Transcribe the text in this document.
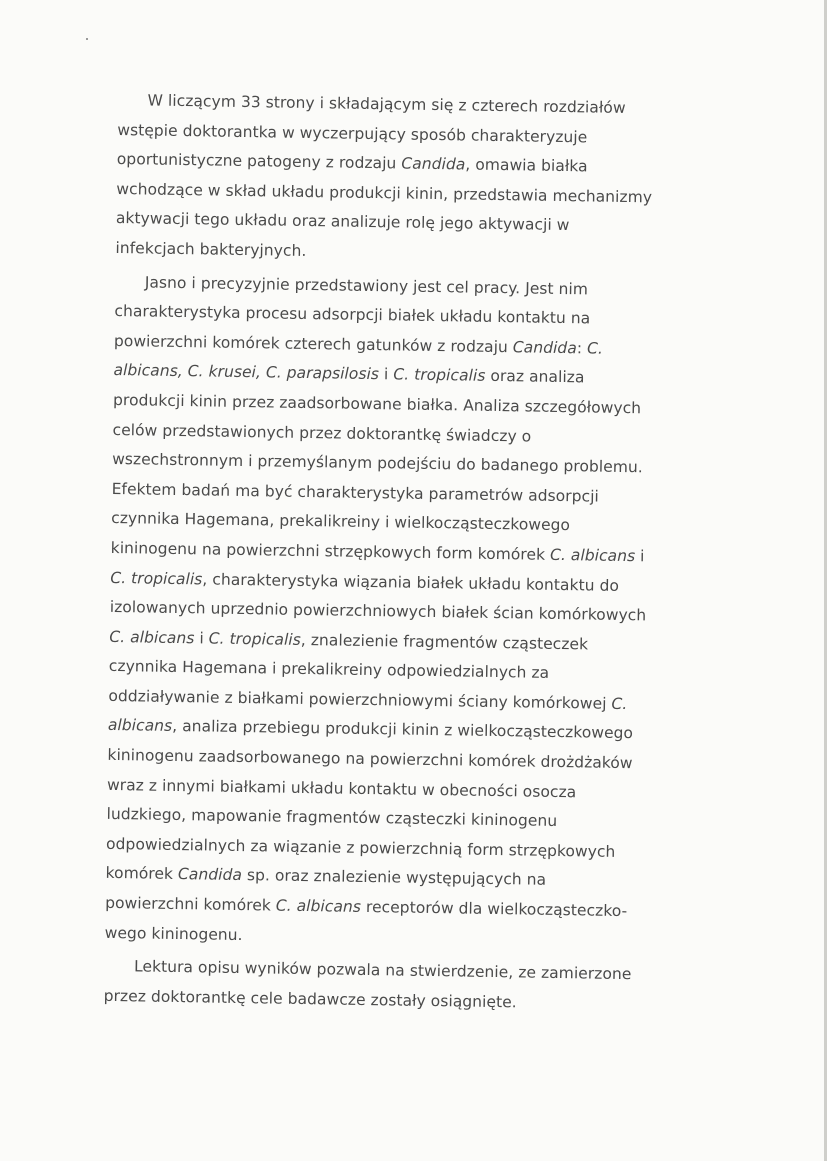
W liczącym 33 strony i składającym się z czterech rozdziałów
wstępie doktorantka w wyczerpujący sposób charakteryzuje
oportunistyczne patogeny z rodzaju Candida, omawia białka
wchodzące w skład układu produkcji kinin, przedstawia mechanizmy
aktywacji tego układu oraz analizuje rolę jego aktywacji w
infekcjach bakteryjnych.
Jasno i precyzyjnie przedstawiony jest cel pracy. Jest nim
charakterystyka procesu adsorpcji białek układu kontaktu na
powierzchni komórek czterech gatunków z rodzaju Candida: C.
albicans, C. krusei, C. parapsilosis i C. tropicalis oraz analiza
produkcji kinin przez zaadsorbowane białka. Analiza szczegółowych
celów przedstawionych przez doktorantkę świadczy o
wszechstronnym i przemyślanym podejściu do badanego problemu.
Efektem badań ma być charakterystyka parametrów adsorpcji
czynnika Hagemana, prekalikreiny i wielkocząsteczkowego
kininogenu na powierzchni strzępkowych form komórek C. albicans i
C. tropicalis, charakterystyka wiązania białek układu kontaktu do
izolowanych uprzednio powierzchniowych białek ścian komórkowych
C. albicans i C. tropicalis, znalezienie fragmentów cząsteczek
czynnika Hagemana i prekalikreiny odpowiedzialnych za
oddziaływanie z białkami powierzchniowymi ściany komórkowej C.
albicans, analiza przebiegu produkcji kinin z wielkocząsteczkowego
kininogenu zaadsorbowanego na powierzchni komórek drożdżaków
wraz z innymi białkami układu kontaktu w obecności osocza
ludzkiego, mapowanie fragmentów cząsteczki kininogenu
odpowiedzialnych za wiązanie z powierzchnią form strzępkowych
komórek Candida sp. oraz znalezienie występujących na
powierzchni komórek C. albicans receptorów dla wielkocząsteczko-
wego kininogenu.
Lektura opisu wyników pozwala na stwierdzenie, ze zamierzone
przez doktorantkę cele badawcze zostały osiągnięte.
